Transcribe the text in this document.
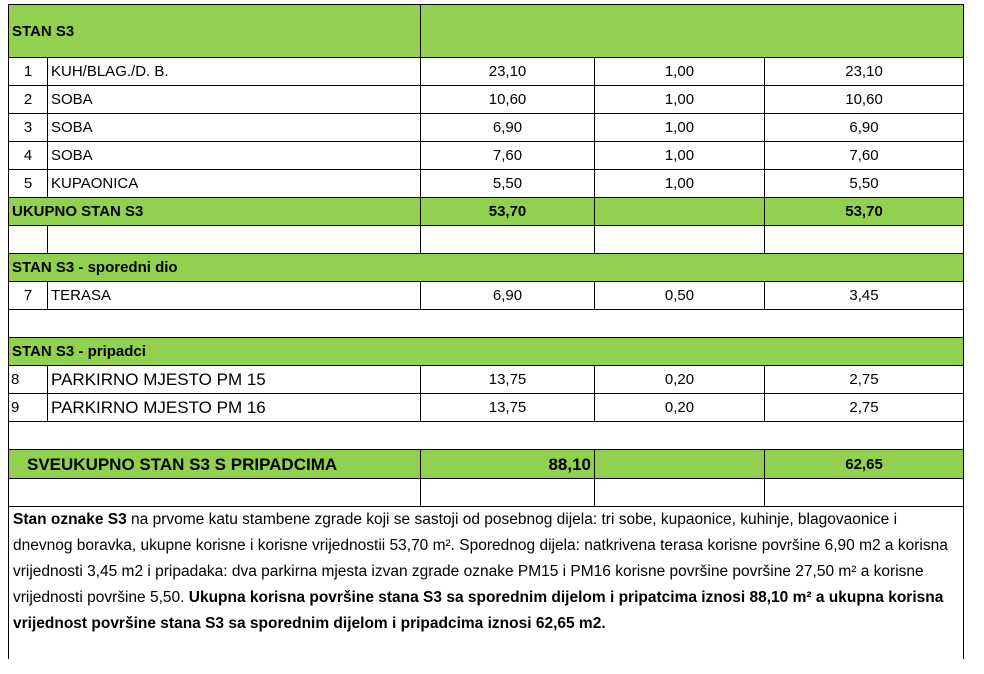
STAN S3				
1	KUH/BLAG./D. B.	23,10	1,00	23,10
2	SOBA	10,60	1,00	10,60
3	SOBA	6,90	1,00	6,90
4	SOBA	7,60	1,00	7,60
5	KUPAONICA	5,50	1,00	5,50
UKUPNO STAN S3		53,70		53,70

STAN S3 - sporedni dio				
7	TERASA	6,90	0,50	3,45

STAN S3 - pripadci				
8	PARKIRNO MJESTO PM 15	13,75	0,20	2,75
9	PARKIRNO MJESTO PM 16	13,75	0,20	2,75

SVEUKUPNO STAN S3 S PRIPADCIMA		88,10		62,65

Stan oznake S3 na prvome katu stambene zgrade koji se sastoji od posebnog dijela: tri sobe, kupaonice, kuhinje, blagovaonice i dnevnog boravka, ukupne korisne i korisne vrijednostii 53,70 m². Sporednog dijela: natkrivena terasa korisne površine 6,90 m2 a korisna vrijednosti 3,45 m2 i pripadaka: dva parkirna mjesta izvan zgrade oznake PM15 i PM16 korisne površine površine 27,50 m² a korisne vrijednosti površine 5,50. Ukupna korisna površine stana S3 sa sporednim dijelom i pripatcima iznosi 88,10 m² a ukupna korisna vrijednost površine stana S3 sa sporednim dijelom i pripadcima iznosi 62,65 m2.				
